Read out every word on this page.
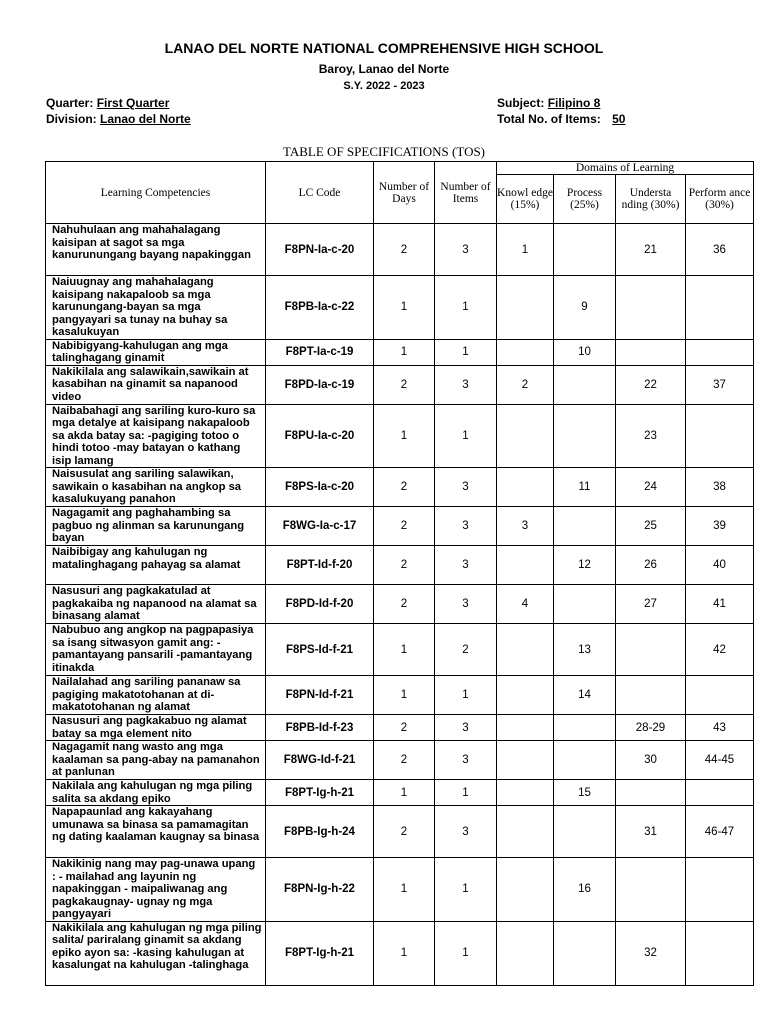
LANAO DEL NORTE NATIONAL COMPREHENSIVE HIGH SCHOOL
Baroy, Lanao del Norte
S.Y. 2022 - 2023
Quarter: First Quarter
Division: Lanao del Norte
Subject: Filipino 8
Total No. of Items: 50
TABLE OF SPECIFICATIONS (TOS)
Learning Competencies	LC Code	Number of Days	Number of Items	Domains of Learning			
				Knowl edge (15%)	Process (25%)	Understa nding (30%)	Perform ance (30%)
Nahuhulaan ang mahahalagang kaisipan at sagot sa mga kanurunungang bayang napakinggan	F8PN-Ia-c-20	2	3	1		21	36
Naiuugnay ang mahahalagang kaisipang nakapaloob sa mga karunungang-bayan sa mga pangyayari sa tunay na buhay sa kasalukuyan	F8PB-Ia-c-22	1	1		9		
Nabibigyang-kahulugan ang mga talinghagang ginamit	F8PT-Ia-c-19	1	1		10		
Nakikilala ang salawikain,sawikain at kasabihan na ginamit sa napanood video	F8PD-Ia-c-19	2	3	2		22	37
Naibabahagi ang sariling kuro-kuro sa mga detalye at kaisipang nakapaloob sa akda batay sa: -pagiging totoo o hindi totoo -may batayan o kathang isip lamang	F8PU-Ia-c-20	1	1			23	
Naisusulat ang sariling salawikan, sawikain o kasabihan na angkop sa kasalukuyang panahon	F8PS-Ia-c-20	2	3		11	24	38
Nagagamit ang paghahambing sa pagbuo ng alinman sa karunungang bayan	F8WG-Ia-c-17	2	3	3		25	39
Naibibigay ang kahulugan ng matalinghagang pahayag sa alamat	F8PT-Id-f-20	2	3		12	26	40
Nasusuri ang pagkakatulad at pagkakaiba ng napanood na alamat sa binasang alamat	F8PD-Id-f-20	2	3	4		27	41
Nabubuo ang angkop na pagpapasiya sa isang sitwasyon gamit ang: -pamantayang pansarili -pamantayang itinakda	F8PS-Id-f-21	1	2		13		42
Nailalahad ang sariling pananaw sa pagiging makatotohanan at di-makatotohanan ng alamat	F8PN-Id-f-21	1	1		14		
Nasusuri ang pagkakabuo ng alamat batay sa mga element nito	F8PB-Id-f-23	2	3			28-29	43
Nagagamit nang wasto ang mga kaalaman sa pang-abay na pamanahon at panlunan	F8WG-Id-f-21	2	3			30	44-45
Nakilala ang kahulugan ng mga piling salita sa akdang epiko	F8PT-Ig-h-21	1	1		15		
Napapaunlad ang kakayahang umunawa sa binasa sa pamamagitan ng dating kaalaman kaugnay sa binasa	F8PB-Ig-h-24	2	3			31	46-47
Nakikinig nang may pag-unawa upang : - mailahad ang layunin ng napakinggan - maipaliwanag ang pagkakaugnay- ugnay ng mga pangyayari	F8PN-Ig-h-22	1	1		16		
Nakikilala ang kahulugan ng mga piling salita/ pariralang ginamit sa akdang epiko ayon sa: -kasing kahulugan at kasalungat na kahulugan -talinghaga	F8PT-Ig-h-21	1	1			32	
